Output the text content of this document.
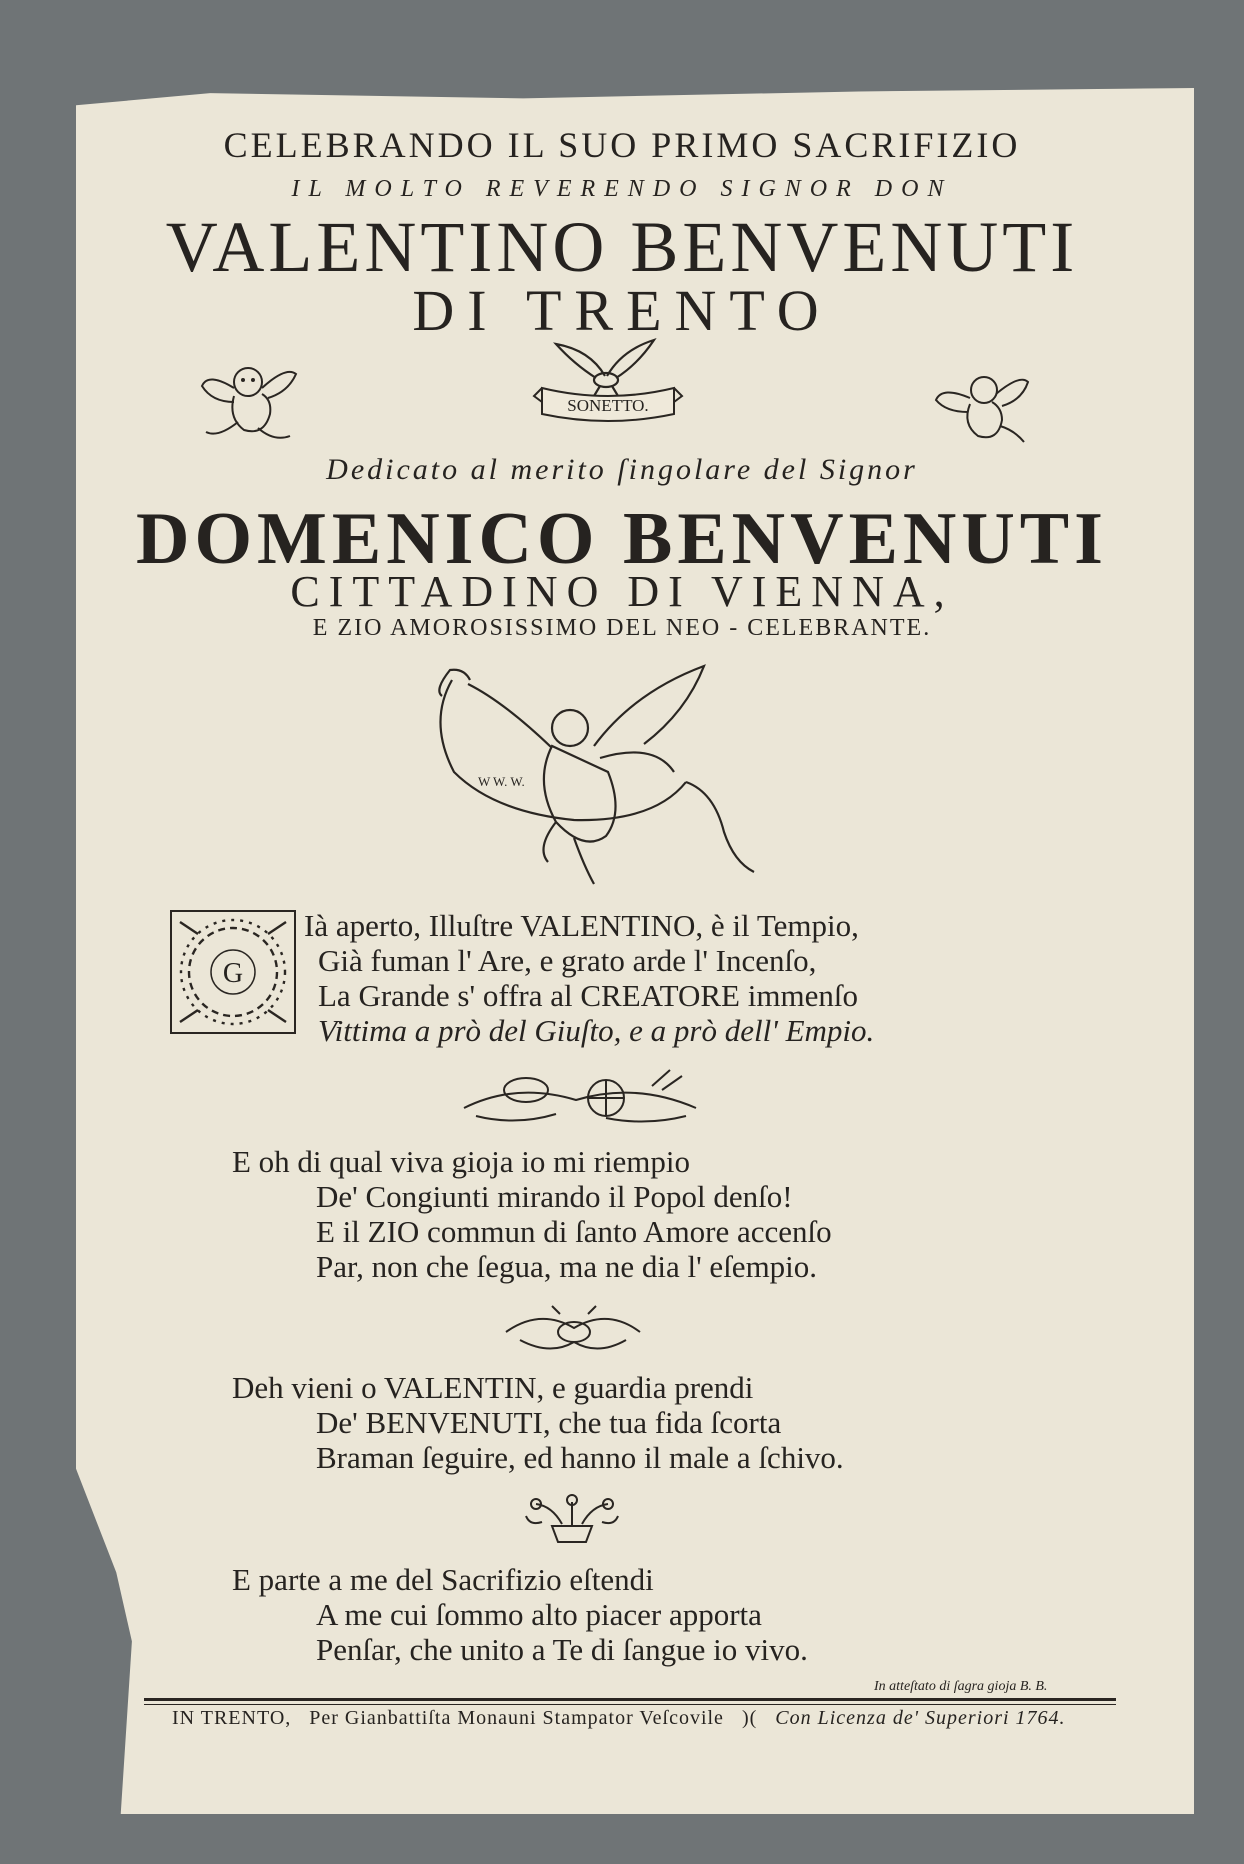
CELEBRANDO IL SUO PRIMO SACRIFIZIO
IL MOLTO REVERENDO SIGNOR DON
VALENTINO BENVENUTI
DI TRENTO
SONETTO.
Dedicato al merito ſingolare del Signor
DOMENICO BENVENUTI
CITTADINO DI VIENNA,
E ZIO AMOROSISSIMO DEL NEO - CELEBRANTE.
W W. W.
G
Ià aperto, Illuſtre VALENTINO, è il Tempio,
Già fuman l' Are, e grato arde l' Incenſo,
La Grande s' offra al CREATORE immenſo
Vittima a prò del Giuſto, e a prò dell' Empio.
E oh di qual viva gioja io mi riempio
De' Congiunti mirando il Popol denſo!
E il ZIO commun di ſanto Amore accenſo
Par, non che ſegua, ma ne dia l' eſempio.
Deh vieni o VALENTIN, e guardia prendi
De' BENVENUTI, che tua fida ſcorta
Braman ſeguire, ed hanno il male a ſchivo.
E parte a me del Sacrifizio eſtendi
A me cui ſommo alto piacer apporta
Penſar, che unito a Te di ſangue io vivo.
In atteſtato di ſagra gioja B. B.
IN TRENTO, Per Gianbattiſta Monauni Stampator Veſcovile )( Con Licenza de' Superiori 1764.
